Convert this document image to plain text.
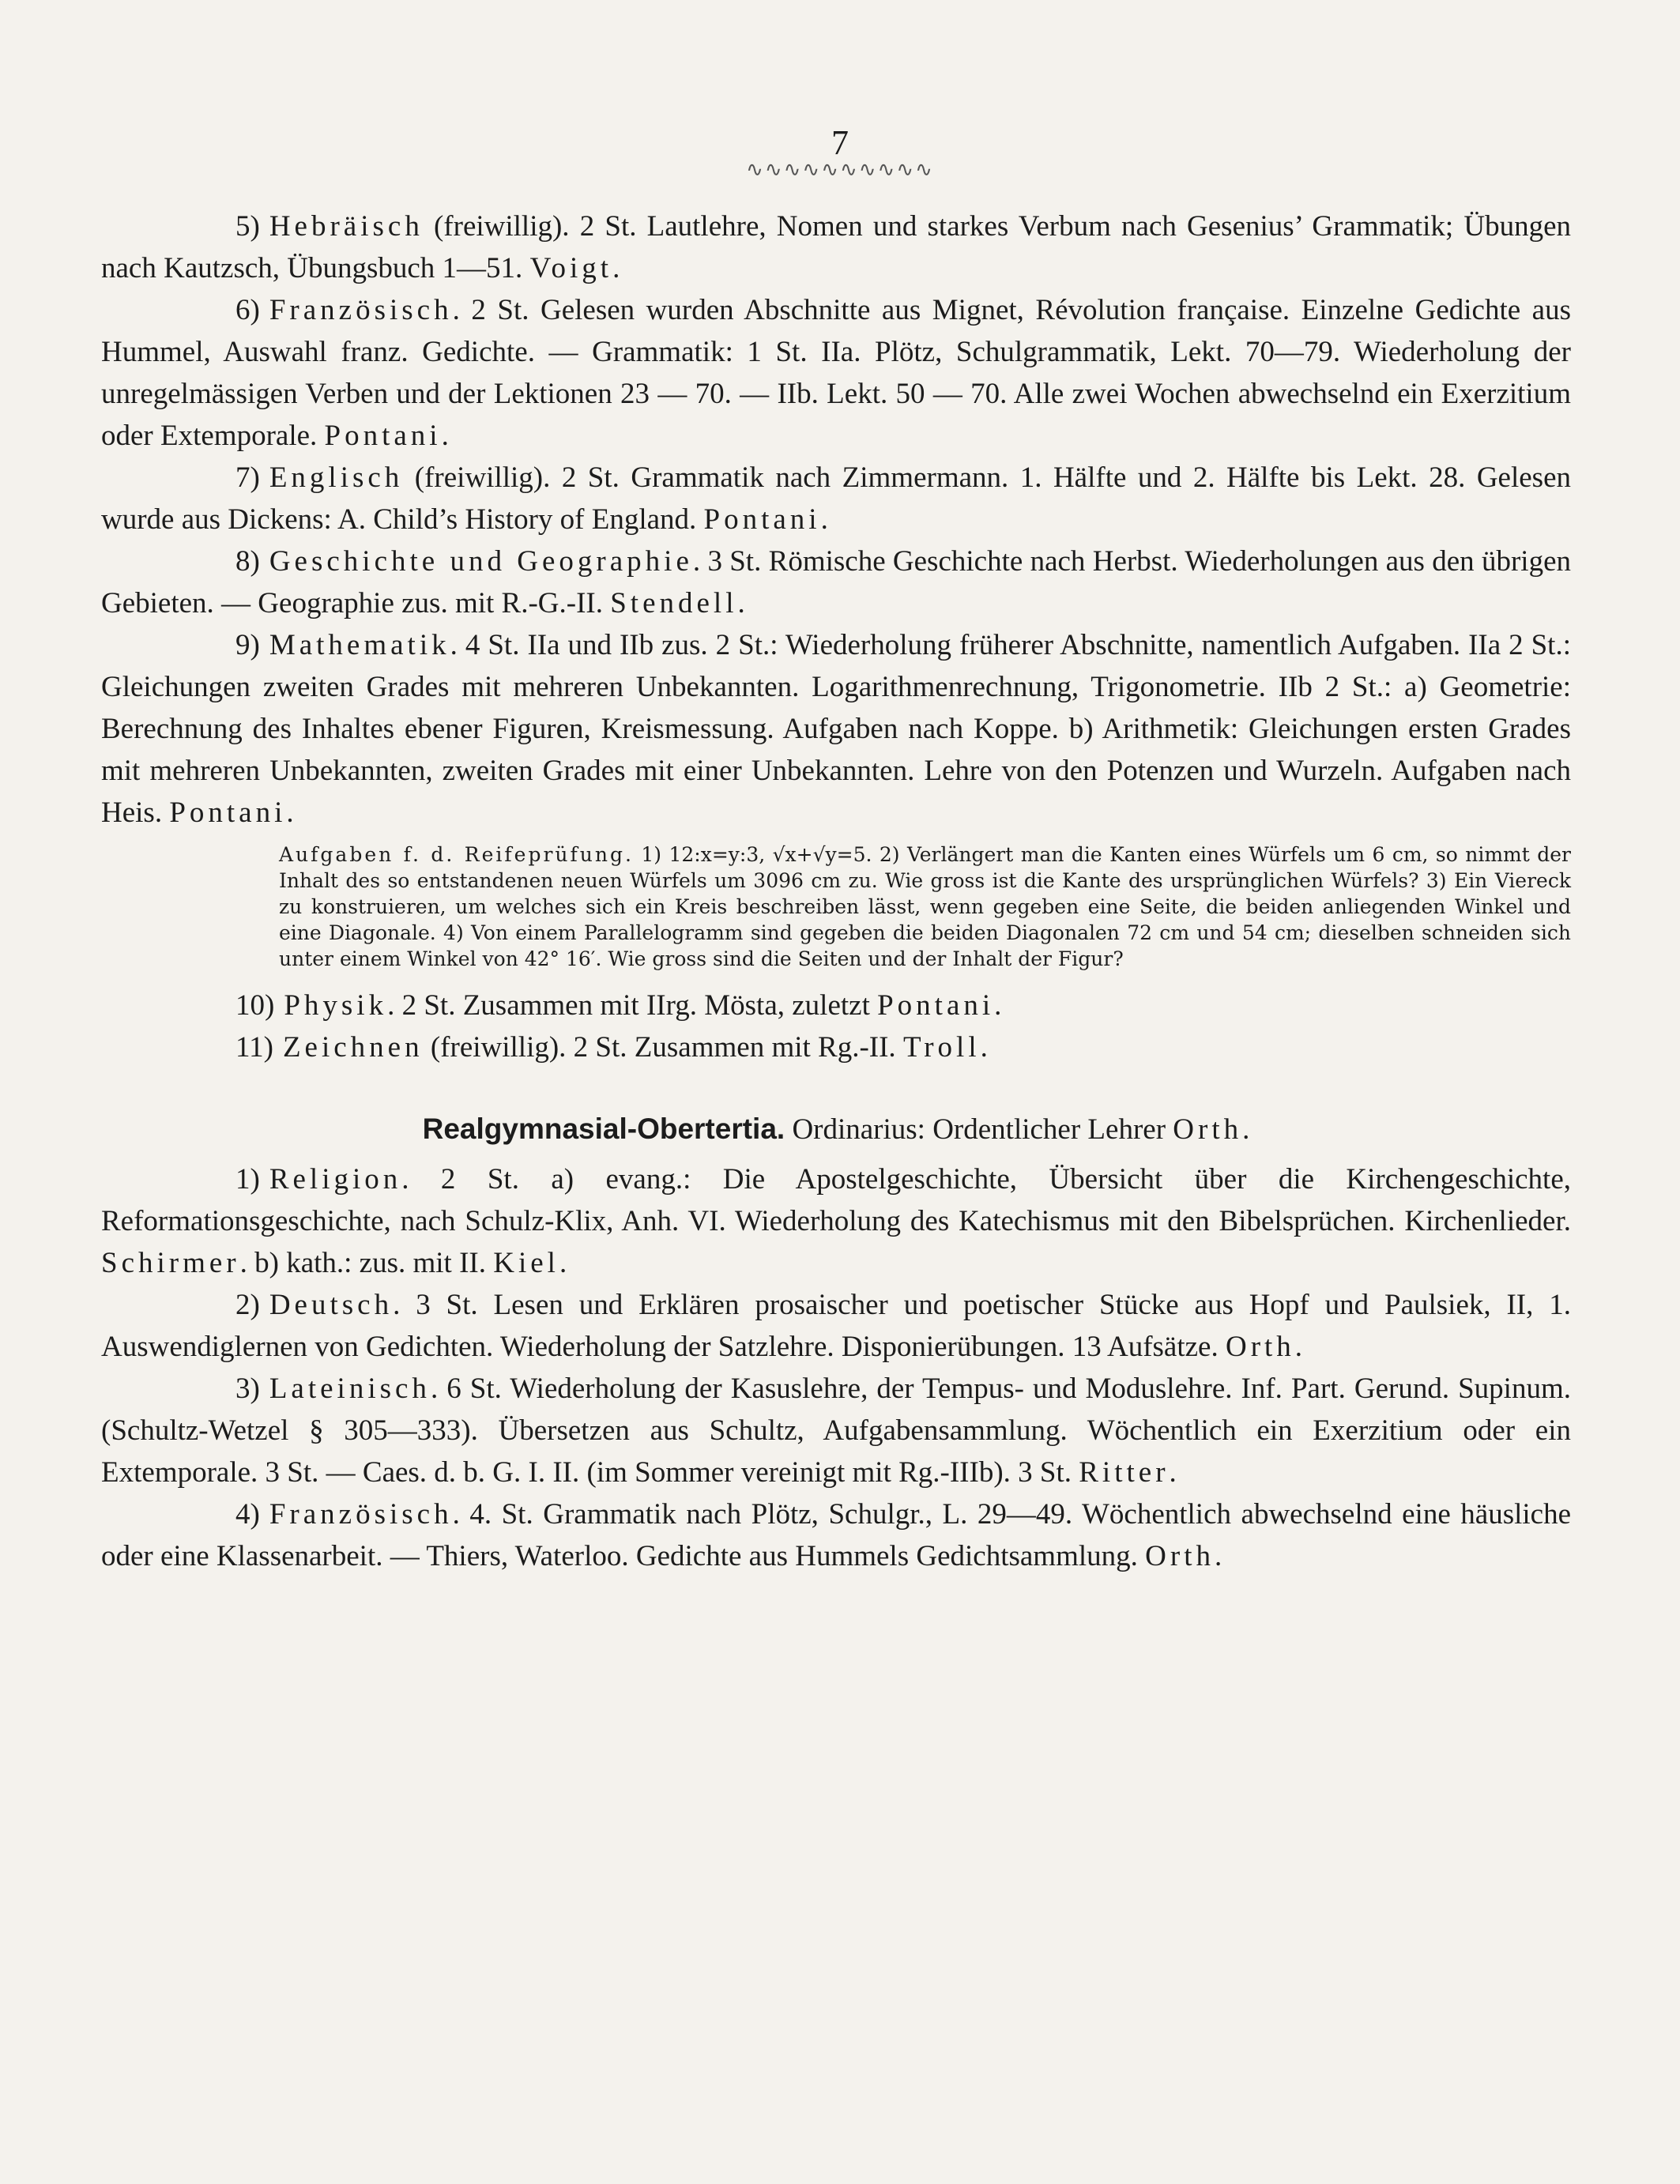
7
∿∿∿∿∿∿∿∿∿∿

5) Hebräisch (freiwillig). 2 St. Lautlehre, Nomen und starkes Verbum nach Gesenius’ Grammatik; Übungen nach Kautzsch, Übungsbuch 1—51. Voigt.

6) Französisch. 2 St. Gelesen wurden Abschnitte aus Mignet, Révolution française. Einzelne Gedichte aus Hummel, Auswahl franz. Gedichte. — Grammatik: 1 St. IIa. Plötz, Schulgrammatik, Lekt. 70—79. Wiederholung der unregelmässigen Verben und der Lektionen 23 — 70. — IIb. Lekt. 50 — 70. Alle zwei Wochen abwechselnd ein Exerzitium oder Extemporale. Pontani.

7) Englisch (freiwillig). 2 St. Grammatik nach Zimmermann. 1. Hälfte und 2. Hälfte bis Lekt. 28. Gelesen wurde aus Dickens: A. Child’s History of England. Pontani.

8) Geschichte und Geographie. 3 St. Römische Geschichte nach Herbst. Wiederholungen aus den übrigen Gebieten. — Geographie zus. mit R.-G.-II. Stendell.

9) Mathematik. 4 St. IIa und IIb zus. 2 St.: Wiederholung früherer Abschnitte, namentlich Aufgaben. IIa 2 St.: Gleichungen zweiten Grades mit mehreren Unbekannten. Logarithmenrechnung, Trigonometrie. IIb 2 St.: a) Geometrie: Berechnung des Inhaltes ebener Figuren, Kreismessung. Aufgaben nach Koppe. b) Arithmetik: Gleichungen ersten Grades mit mehreren Unbekannten, zweiten Grades mit einer Unbekannten. Lehre von den Potenzen und Wurzeln. Aufgaben nach Heis. Pontani.

Aufgaben f. d. Reifeprüfung. 1) 12:x=y:3, √x+√y=5. 2) Verlängert man die Kanten eines Würfels um 6 cm, so nimmt der Inhalt des so entstandenen neuen Würfels um 3096 cm zu. Wie gross ist die Kante des ursprünglichen Würfels? 3) Ein Viereck zu konstruieren, um welches sich ein Kreis beschreiben lässt, wenn gegeben eine Seite, die beiden anliegenden Winkel und eine Diagonale. 4) Von einem Parallelogramm sind gegeben die beiden Diagonalen 72 cm und 54 cm; dieselben schneiden sich unter einem Winkel von 42° 16′. Wie gross sind die Seiten und der Inhalt der Figur?

10) Physik. 2 St. Zusammen mit IIrg. Mösta, zuletzt Pontani.

11) Zeichnen (freiwillig). 2 St. Zusammen mit Rg.-II. Troll.

Realgymnasial-Obertertia. Ordinarius: Ordentlicher Lehrer Orth.

1) Religion. 2 St. a) evang.: Die Apostelgeschichte, Übersicht über die Kirchengeschichte, Reformationsgeschichte, nach Schulz-Klix, Anh. VI. Wiederholung des Katechismus mit den Bibelsprüchen. Kirchenlieder. Schirmer. b) kath.: zus. mit II. Kiel.

2) Deutsch. 3 St. Lesen und Erklären prosaischer und poetischer Stücke aus Hopf und Paulsiek, II, 1. Auswendiglernen von Gedichten. Wiederholung der Satzlehre. Disponierübungen. 13 Aufsätze. Orth.

3) Lateinisch. 6 St. Wiederholung der Kasuslehre, der Tempus- und Moduslehre. Inf. Part. Gerund. Supinum. (Schultz-Wetzel § 305—333). Übersetzen aus Schultz, Aufgabensammlung. Wöchentlich ein Exerzitium oder ein Extemporale. 3 St. — Caes. d. b. G. I. II. (im Sommer vereinigt mit Rg.-IIIb). 3 St. Ritter.

4) Französisch. 4. St. Grammatik nach Plötz, Schulgr., L. 29—49. Wöchentlich abwechselnd eine häusliche oder eine Klassenarbeit. — Thiers, Waterloo. Gedichte aus Hummels Gedichtsammlung. Orth.
